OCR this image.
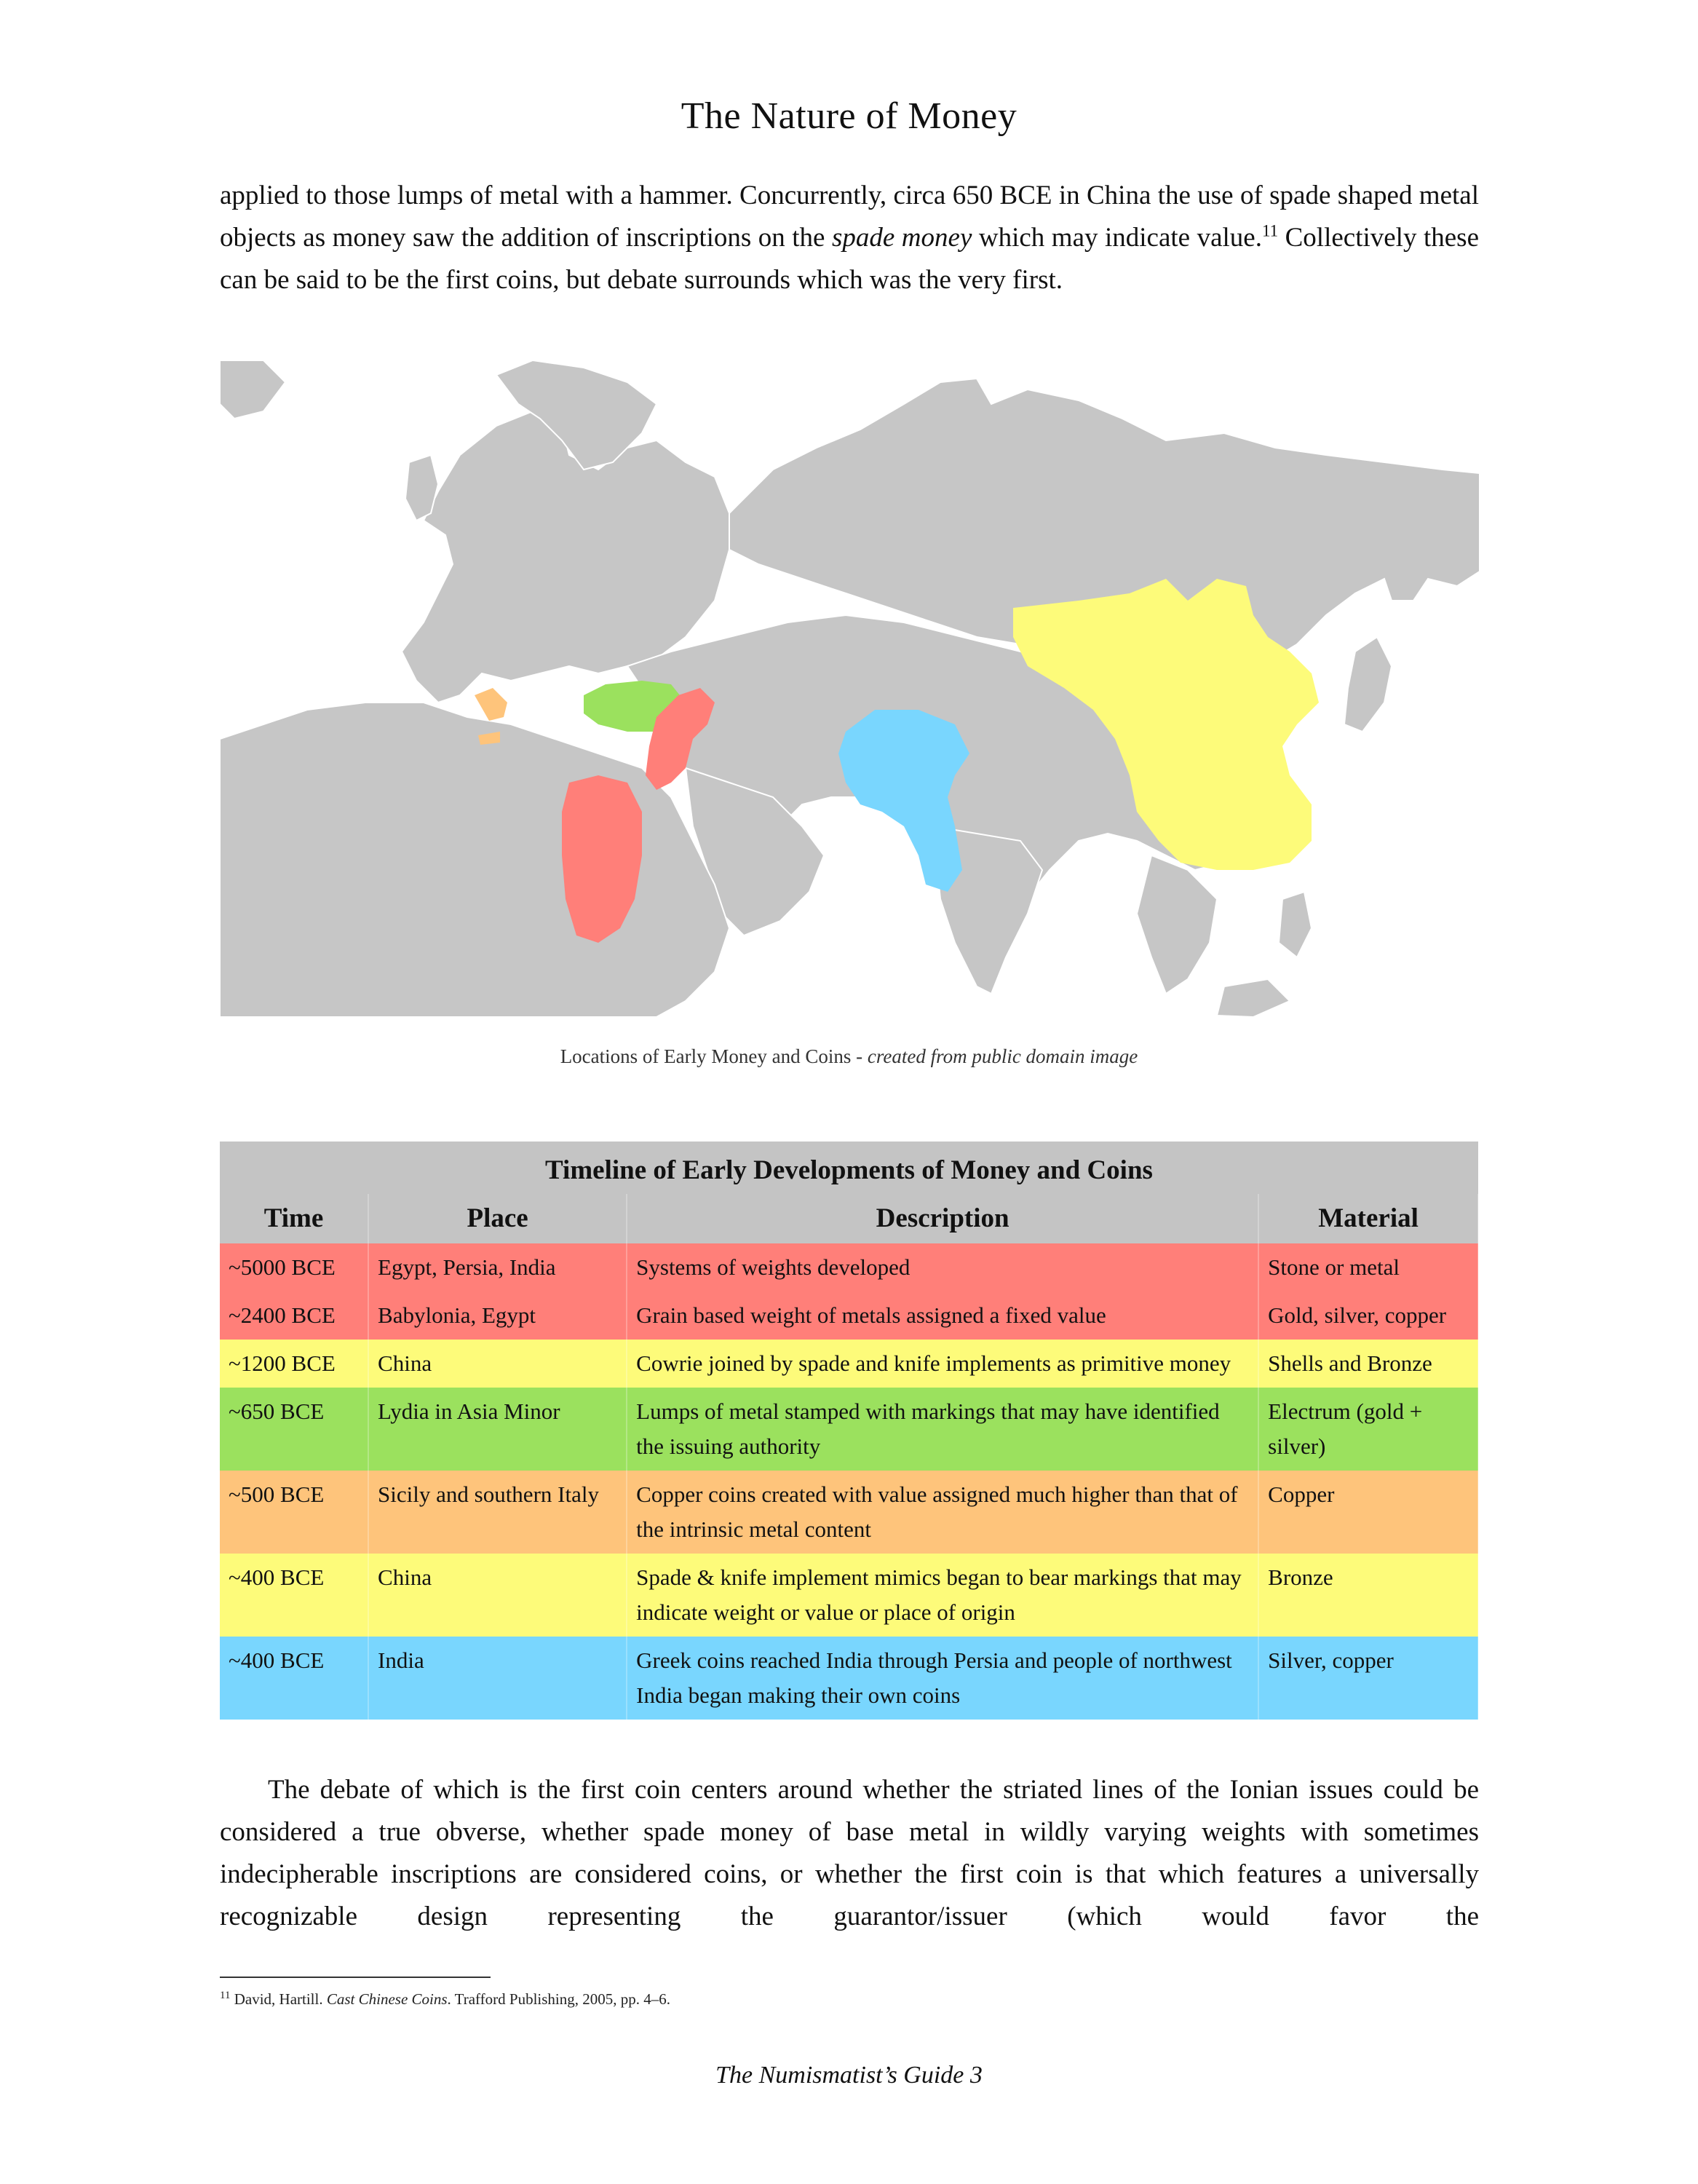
The Nature of Money

applied to those lumps of metal with a hammer. Concurrently, circa 650 BCE in China the use of spade shaped metal objects as money saw the addition of inscriptions on the spade money which may indicate value.$^{11}$ Collectively these can be said to be the first coins, but debate surrounds which was the very first.

Locations of Early Money and Coins - created from public domain image
Timeline of Early Developments of Money and Coins			
Time	Place	Description	Material
~5000 BCE	Egypt, Persia, India	Systems of weights developed	Stone or metal
~2400 BCE	Babylonia, Egypt	Grain based weight of metals assigned a fixed value	Gold, silver, copper
~1200 BCE	China	Cowrie joined by spade and knife implements as primitive money	Shells and Bronze
~650 BCE	Lydia in Asia Minor	Lumps of metal stamped with markings that may have identified the issuing authority	Electrum (gold + silver)
~500 BCE	Sicily and southern Italy	Copper coins created with value assigned much higher than that of the intrinsic metal content	Copper
~400 BCE	China	Spade & knife implement mimics began to bear markings that may indicate weight or value or place of origin	Bronze
~400 BCE	India	Greek coins reached India through Persia and people of northwest India began making their own coins	Silver, copper

The debate of which is the first coin centers around whether the striated lines of the Ionian issues could be considered a true obverse, whether spade money of base metal in wildly varying weights with sometimes indecipherable inscriptions are considered coins, or whether the first coin is that which features a universally recognizable design representing the guarantor/issuer (which would favor the

$^{11}$ David, Hartill. Cast Chinese Coins. Trafford Publishing, 2005, pp. 4–6.
The Numismatist’s Guide 3
